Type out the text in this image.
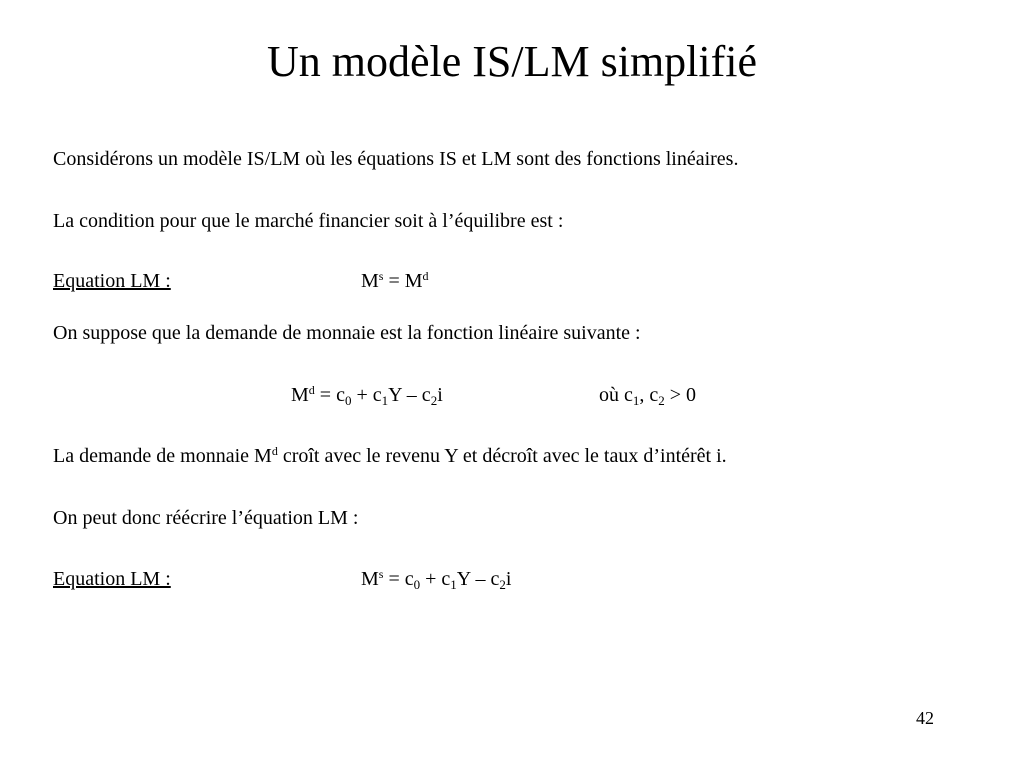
Un modèle IS/LM simplifié
Considérons un modèle IS/LM où les équations IS et LM sont des fonctions linéaires.
La condition pour que le marché financier soit à l’équilibre est :
Equation LM :	$M^s = M^d$
On suppose que la demande de monnaie est la fonction linéaire suivante :
$M^d = c_0 + c_1Y - c_2i$	où $c_1$, $c_2 > 0$
La demande de monnaie $M^d$ croît avec le revenu Y et décroît avec le taux d’intérêt i.
On peut donc réécrire l’équation LM :
Equation LM :	$M^s = c_0 + c_1Y - c_2i$
42
